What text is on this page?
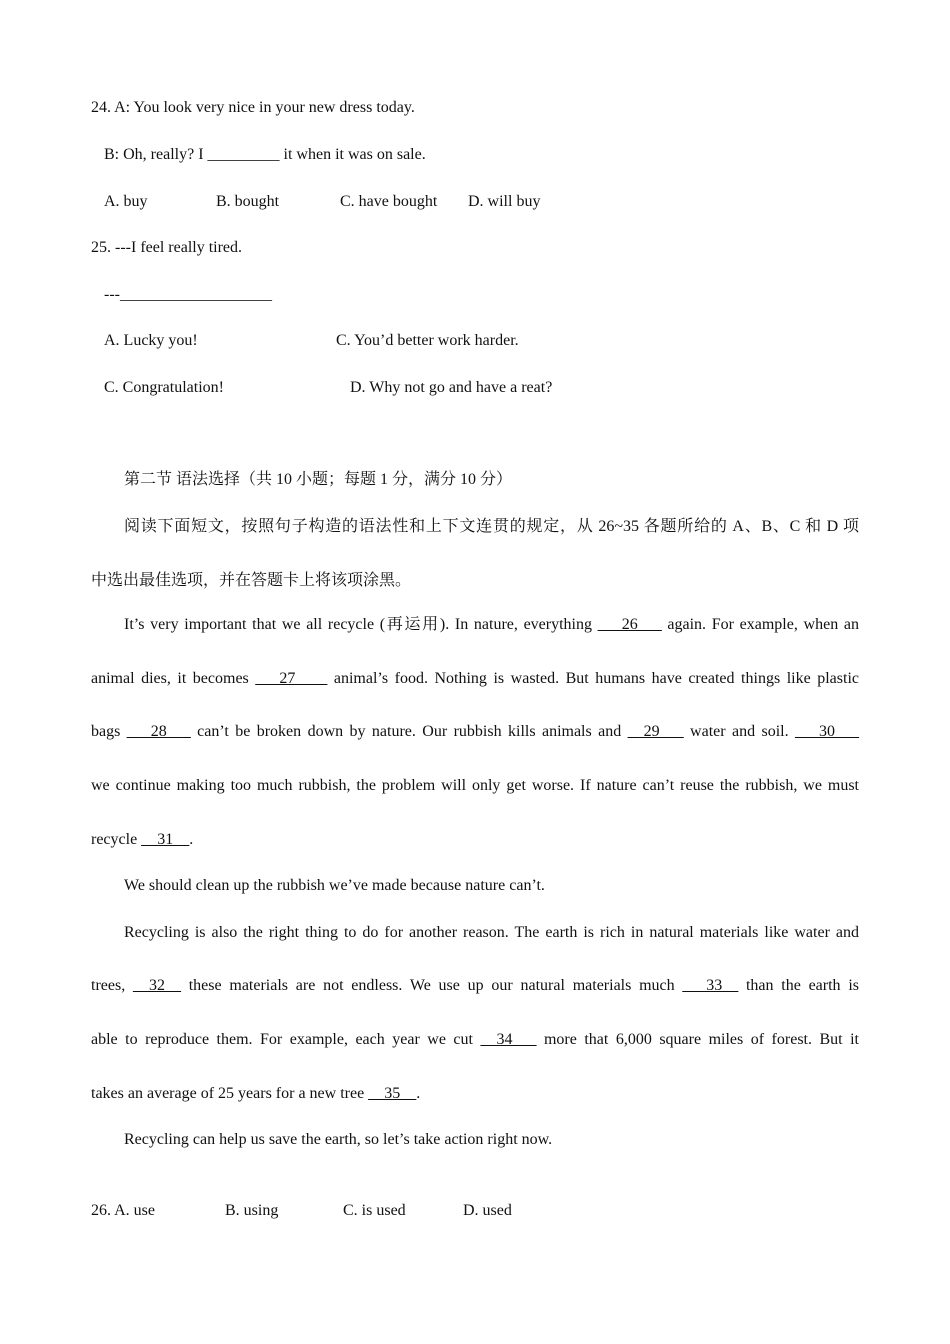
24. A: You look very nice in your new dress today.
B: Oh, really? I _________ it when it was on sale.
A. buy	B. bought	C. have bought D. will buy
25. ---I feel really tired.
---___________________
A. Lucky you!	C. You’d better work harder.
C. Congratulation!	D. Why not go and have a reat?
第二节 语法选择（共 10 小题；每题 1 分，满分 10 分）
阅读下面短文，按照句子构造的语法性和上下文连贯的规定，从 26~35 各题所给的 A、B、C 和 D 项
中选出最佳选项，并在答题卡上将该项涂黑。
It’s very important that we all recycle (再运用). In nature, everything ___26___ again. For example, when an
animal dies, it becomes ___27____ animal’s food. Nothing is wasted. But humans have created things like plastic
bags ___28___ can’t be broken down by nature. Our rubbish kills animals and __29___ water and soil. ___30___
we continue making too much rubbish, the problem will only get worse. If nature can’t reuse the rubbish, we must
recycle __31__.
We should clean up the rubbish we’ve made because nature can’t.
Recycling is also the right thing to do for another reason. The earth is rich in natural materials like water and
trees, __32__ these materials are not endless. We use up our natural materials much _ _33__ than the earth is
able to reproduce them. For example, each year we cut __34___ more that 6,000 square miles of forest. But it
takes an average of 25 years for a new tree __35__.
Recycling can help us save the earth, so let’s take action right now.
26. A. use	B. using	C. is used	D. used
